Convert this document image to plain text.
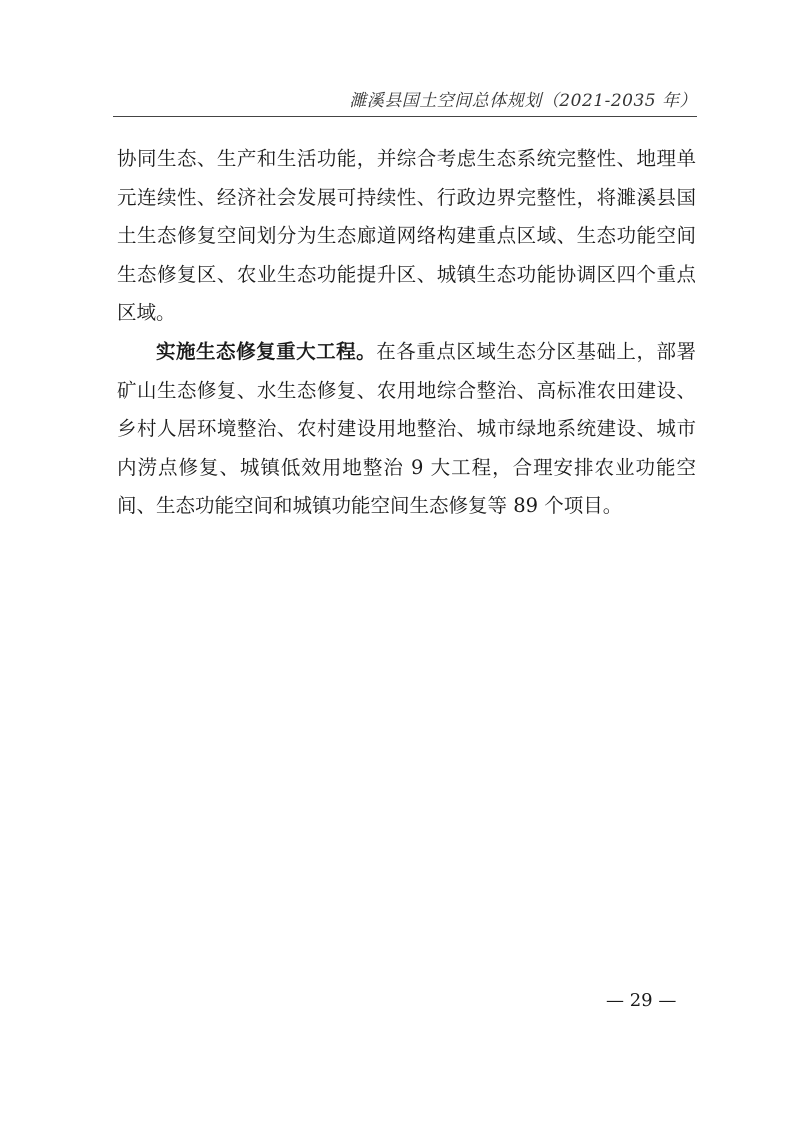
濉溪县国土空间总体规划（2021-2035 年）

协同生态、生产和生活功能，并综合考虑生态系统完整性、地理单元连续性、经济社会发展可持续性、行政边界完整性，将濉溪县国土生态修复空间划分为生态廊道网络构建重点区域、生态功能空间生态修复区、农业生态功能提升区、城镇生态功能协调区四个重点区域。

实施生态修复重大工程。在各重点区域生态分区基础上，部署矿山生态修复、水生态修复、农用地综合整治、高标准农田建设、乡村人居环境整治、农村建设用地整治、城市绿地系统建设、城市内涝点修复、城镇低效用地整治 9 大工程，合理安排农业功能空间、生态功能空间和城镇功能空间生态修复等 89 个项目。

— 29 —
